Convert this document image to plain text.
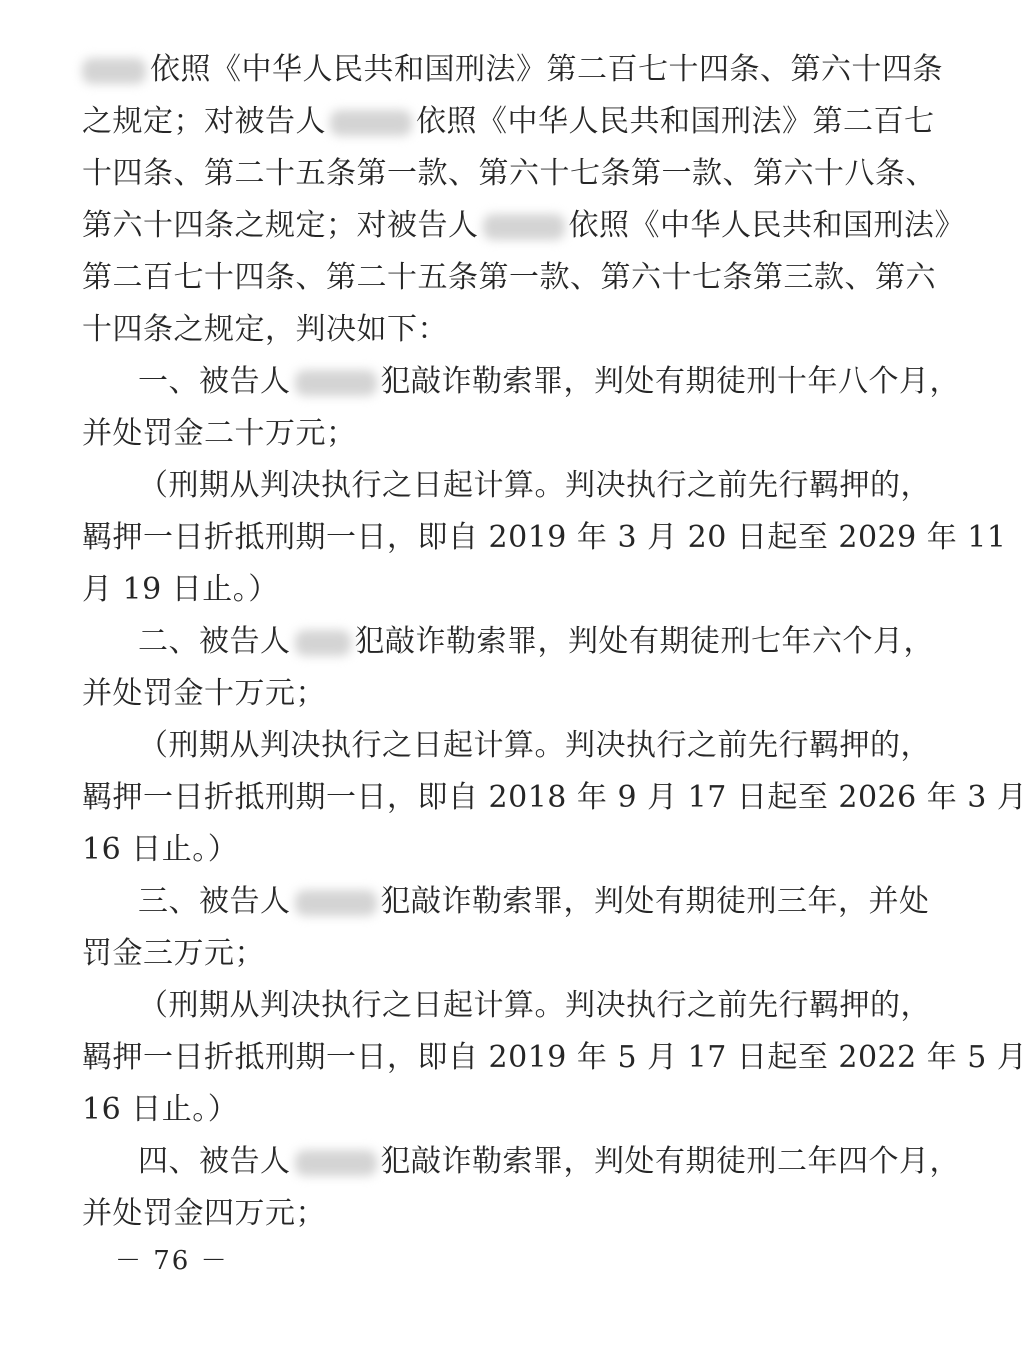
依照《中华人民共和国刑法》第二百七十四条、第六十四条
之规定；对被告人	依照《中华人民共和国刑法》第二百七
十四条、第二十五条第一款、第六十七条第一款、第六十八条、
第六十四条之规定；对被告人	依照《中华人民共和国刑法》
第二百七十四条、第二十五条第一款、第六十七条第三款、第六
十四条之规定，判决如下：
一、被告人	犯敲诈勒索罪，判处有期徒刑十年八个月，
并处罚金二十万元；
（刑期从判决执行之日起计算。判决执行之前先行羁押的，
羁押一日折抵刑期一日，即自 2019 年 3 月 20 日起至 2029 年 11
月 19 日止。）
二、被告人 犯敲诈勒索罪，判处有期徒刑七年六个月，
并处罚金十万元；
（刑期从判决执行之日起计算。判决执行之前先行羁押的，
羁押一日折抵刑期一日，即自 2018 年 9 月 17 日起至 2026 年 3 月
16 日止。）
三、被告人	犯敲诈勒索罪，判处有期徒刑三年，并处
罚金三万元；
（刑期从判决执行之日起计算。判决执行之前先行羁押的，
羁押一日折抵刑期一日，即自 2019 年 5 月 17 日起至 2022 年 5 月
16 日止。）
四、被告人	犯敲诈勒索罪，判处有期徒刑二年四个月，
并处罚金四万元；
－ 76 －
